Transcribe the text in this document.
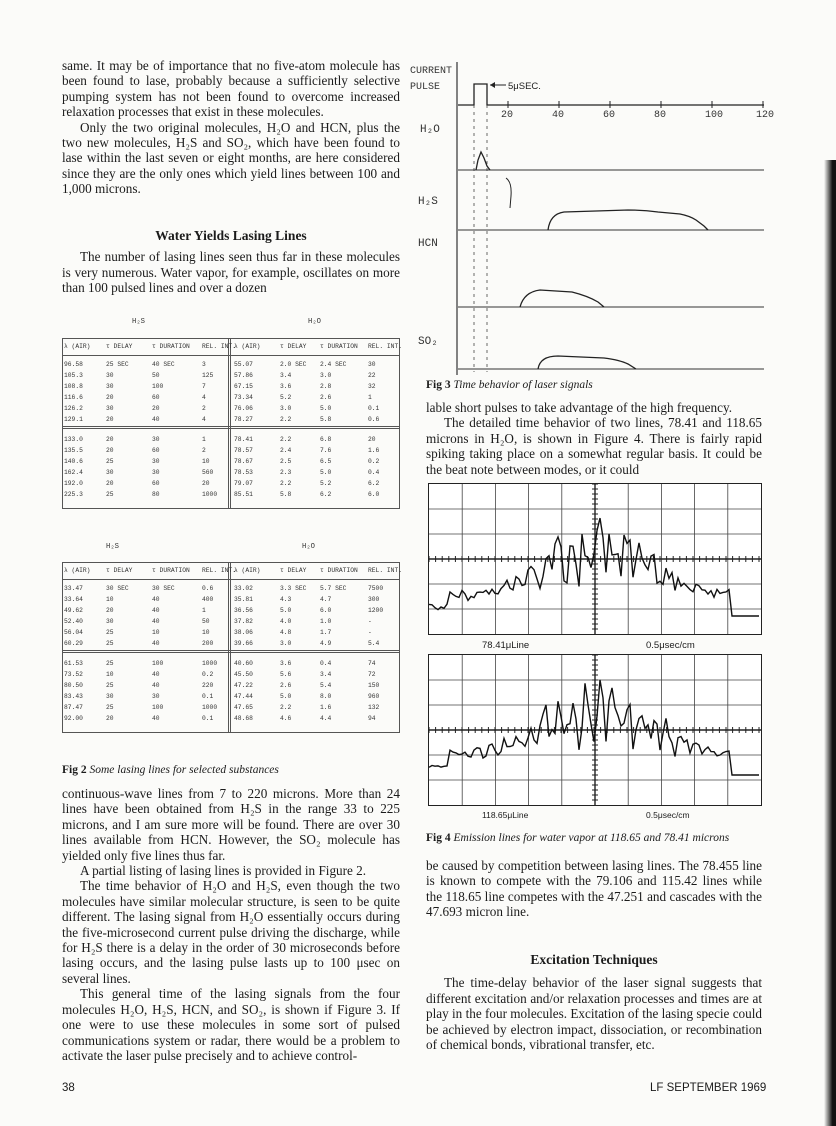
same. It may be of importance that no five-atom molecule has been found to lase, probably because a sufficiently selective pumping system has not been found to overcome increased relaxation processes that exist in these molecules.

Only the two original molecules, H₂O and HCN, plus the two new molecules, H₂S and SO₂, which have been found to lase within the last seven or eight months, are here considered since they are the only ones which yield lines between 100 and 1,000 microns.

Water Yields Lasing Lines

The number of lasing lines seen thus far in these molecules is very numerous. Water vapor, for example, oscillates on more than 100 pulsed lines and over a dozen

H₂S	H₂O
λ (AIR) τ DELAY	τ DURATION REL. INT.
λ (AIR)	τ DELAY τ DURATION REL. INT.
96.58	25 SEC	40 SEC	3	55.07	2.0 SEC 2.4 SEC	30
105.3	30	50	125	57.86	3.4	3.0	22
108.8	30	100	7	67.15	3.6	2.8	32
116.6	20	60	4	73.34	5.2	2.6	1
126.2	30	20	2	76.06	3.0	5.0	0.1
129.1	20	40	4	78.27	2.2	5.8	0.6
133.0	20	30	1	78.41	2.2	6.8	20
135.5	20	60	2	78.57	2.4	7.6	1.6
140.6	25	30	10	78.67	2.5	6.5	0.2
162.4	30	30	560	78.53	2.3	5.0	0.4
192.0	20	60	20	79.07	2.2	5.2	6.2
225.3	25	80	1000	85.51	5.8	6.2	6.0
H₂S	H₂O
λ (AIR) τ DELAY	τ DURATION REL. INT.
λ (AIR)	τ DELAY τ DURATION REL. INT.
33.47	30 SEC	30 SEC	0.6	33.02	3.3 SEC 5.7 SEC	7500
33.64	10	40	400	35.81	4.3	4.7	300
49.62	20	40	1	36.56	5.0	6.0	1200
52.40	30	40	50	37.82	4.0	1.0	-
56.04	25	10	10	38.06	4.8	1.7	-
60.29	25	40	200	39.66	3.0	4.9	5.4
61.53	25	100	1000	40.60	3.6	0.4	74
73.52	10	40	0.2	45.50	5.6	3.4	72
80.50	25	40	220	47.22	2.6	5.4	150
83.43	30	30	0.1	47.44	5.0	8.0	960
87.47	25	100	1000	47.65	2.2	1.6	132
92.00	20	40	0.1	48.68	4.6	4.4	94
Fig 2 Some lasing lines for selected substances

continuous-wave lines from 7 to 220 microns. More than 24 lines have been obtained from H₂S in the range 33 to 225 microns, and I am sure more will be found. There are over 30 lines available from HCN. However, the SO₂ molecule has yielded only five lines thus far.

A partial listing of lasing lines is provided in Figure 2.

The time behavior of H₂O and H₂S, even though the two molecules have similar molecular structure, is seen to be quite different. The lasing signal from H₂O essentially occurs during the five-microsecond current pulse driving the discharge, while for H₂S there is a delay in the order of 30 microseconds before lasing occurs, and the lasing pulse lasts up to 100 μsec on several lines.

This general time of the lasing signals from the four molecules H₂O, H₂S, HCN, and SO₂, is shown if Figure 3. If one were to use these molecules in some sort of pulsed communications system or radar, there would be a problem to activate the laser pulse precisely and to achieve control-

CURRENT
PULSE	5μSEC.
20	40	60	80	100	120
H₂O
H₂S
HCN
SO₂
Fig 3 Time behavior of laser signals

lable short pulses to take advantage of the high frequency.

The detailed time behavior of two lines, 78.41 and 118.65 microns in H₂O, is shown in Figure 4. There is fairly rapid spiking taking place on a somewhat regular basis. It could be the beat note between modes, or it could

78.41μLine	0.5μsec/cm
118.65μLine	0.5μsec/cm
Fig 4 Emission lines for water vapor at 118.65 and 78.41 microns

be caused by competition between lasing lines. The 78.455 line is known to compete with the 79.106 and 115.42 lines while the 118.65 line competes with the 47.251 and cascades with the 47.693 micron line.

Excitation Techniques

The time-delay behavior of the laser signal suggests that different excitation and/or relaxation processes and times are at play in the four molecules. Excitation of the lasing specie could be achieved by electron impact, dissociation, or recombination of chemical bonds, vibrational transfer, etc.

38	LF SEPTEMBER 1969
